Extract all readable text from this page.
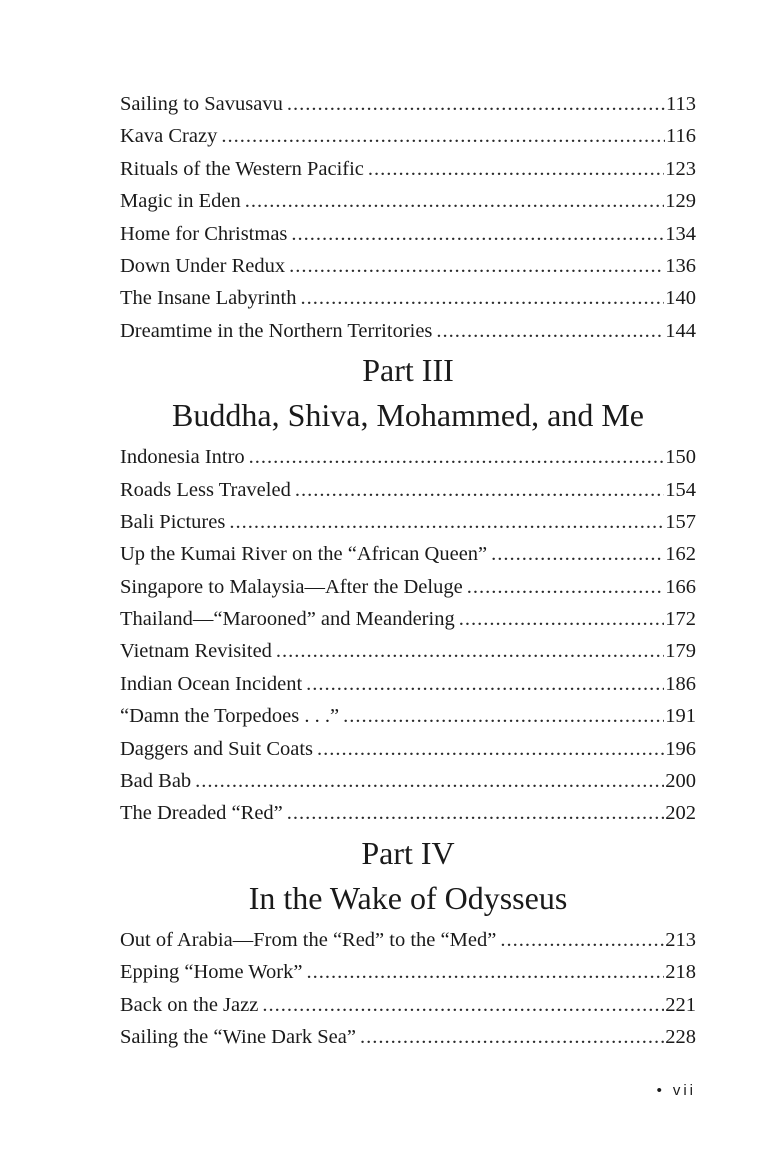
Sailing to Savusavu .....	113
Kava Crazy .....	116
Rituals of the Western Pacific .....	123
Magic in Eden .....	129
Home for Christmas .....	134
Down Under Redux .....	136
The Insane Labyrinth .....	140
Dreamtime in the Northern Territories .....	144
Part III
Buddha, Shiva, Mohammed, and Me
Indonesia Intro .....	150
Roads Less Traveled .....	154
Bali Pictures .....	157
Up the Kumai River on the “African Queen” .....	162
Singapore to Malaysia—After the Deluge .....	166
Thailand—“Marooned” and Meandering .....	172
Vietnam Revisited .....	179
Indian Ocean Incident .....	186
“Damn the Torpedoes . . .” .....	191
Daggers and Suit Coats .....	196
Bad Bab .....	200
The Dreaded “Red” .....	202
Part IV
In the Wake of Odysseus
Out of Arabia—From the “Red” to the “Med” .....	213
Epping “Home Work” .....	218
Back on the Jazz .....	221
Sailing the “Wine Dark Sea” .....	228
• vii
